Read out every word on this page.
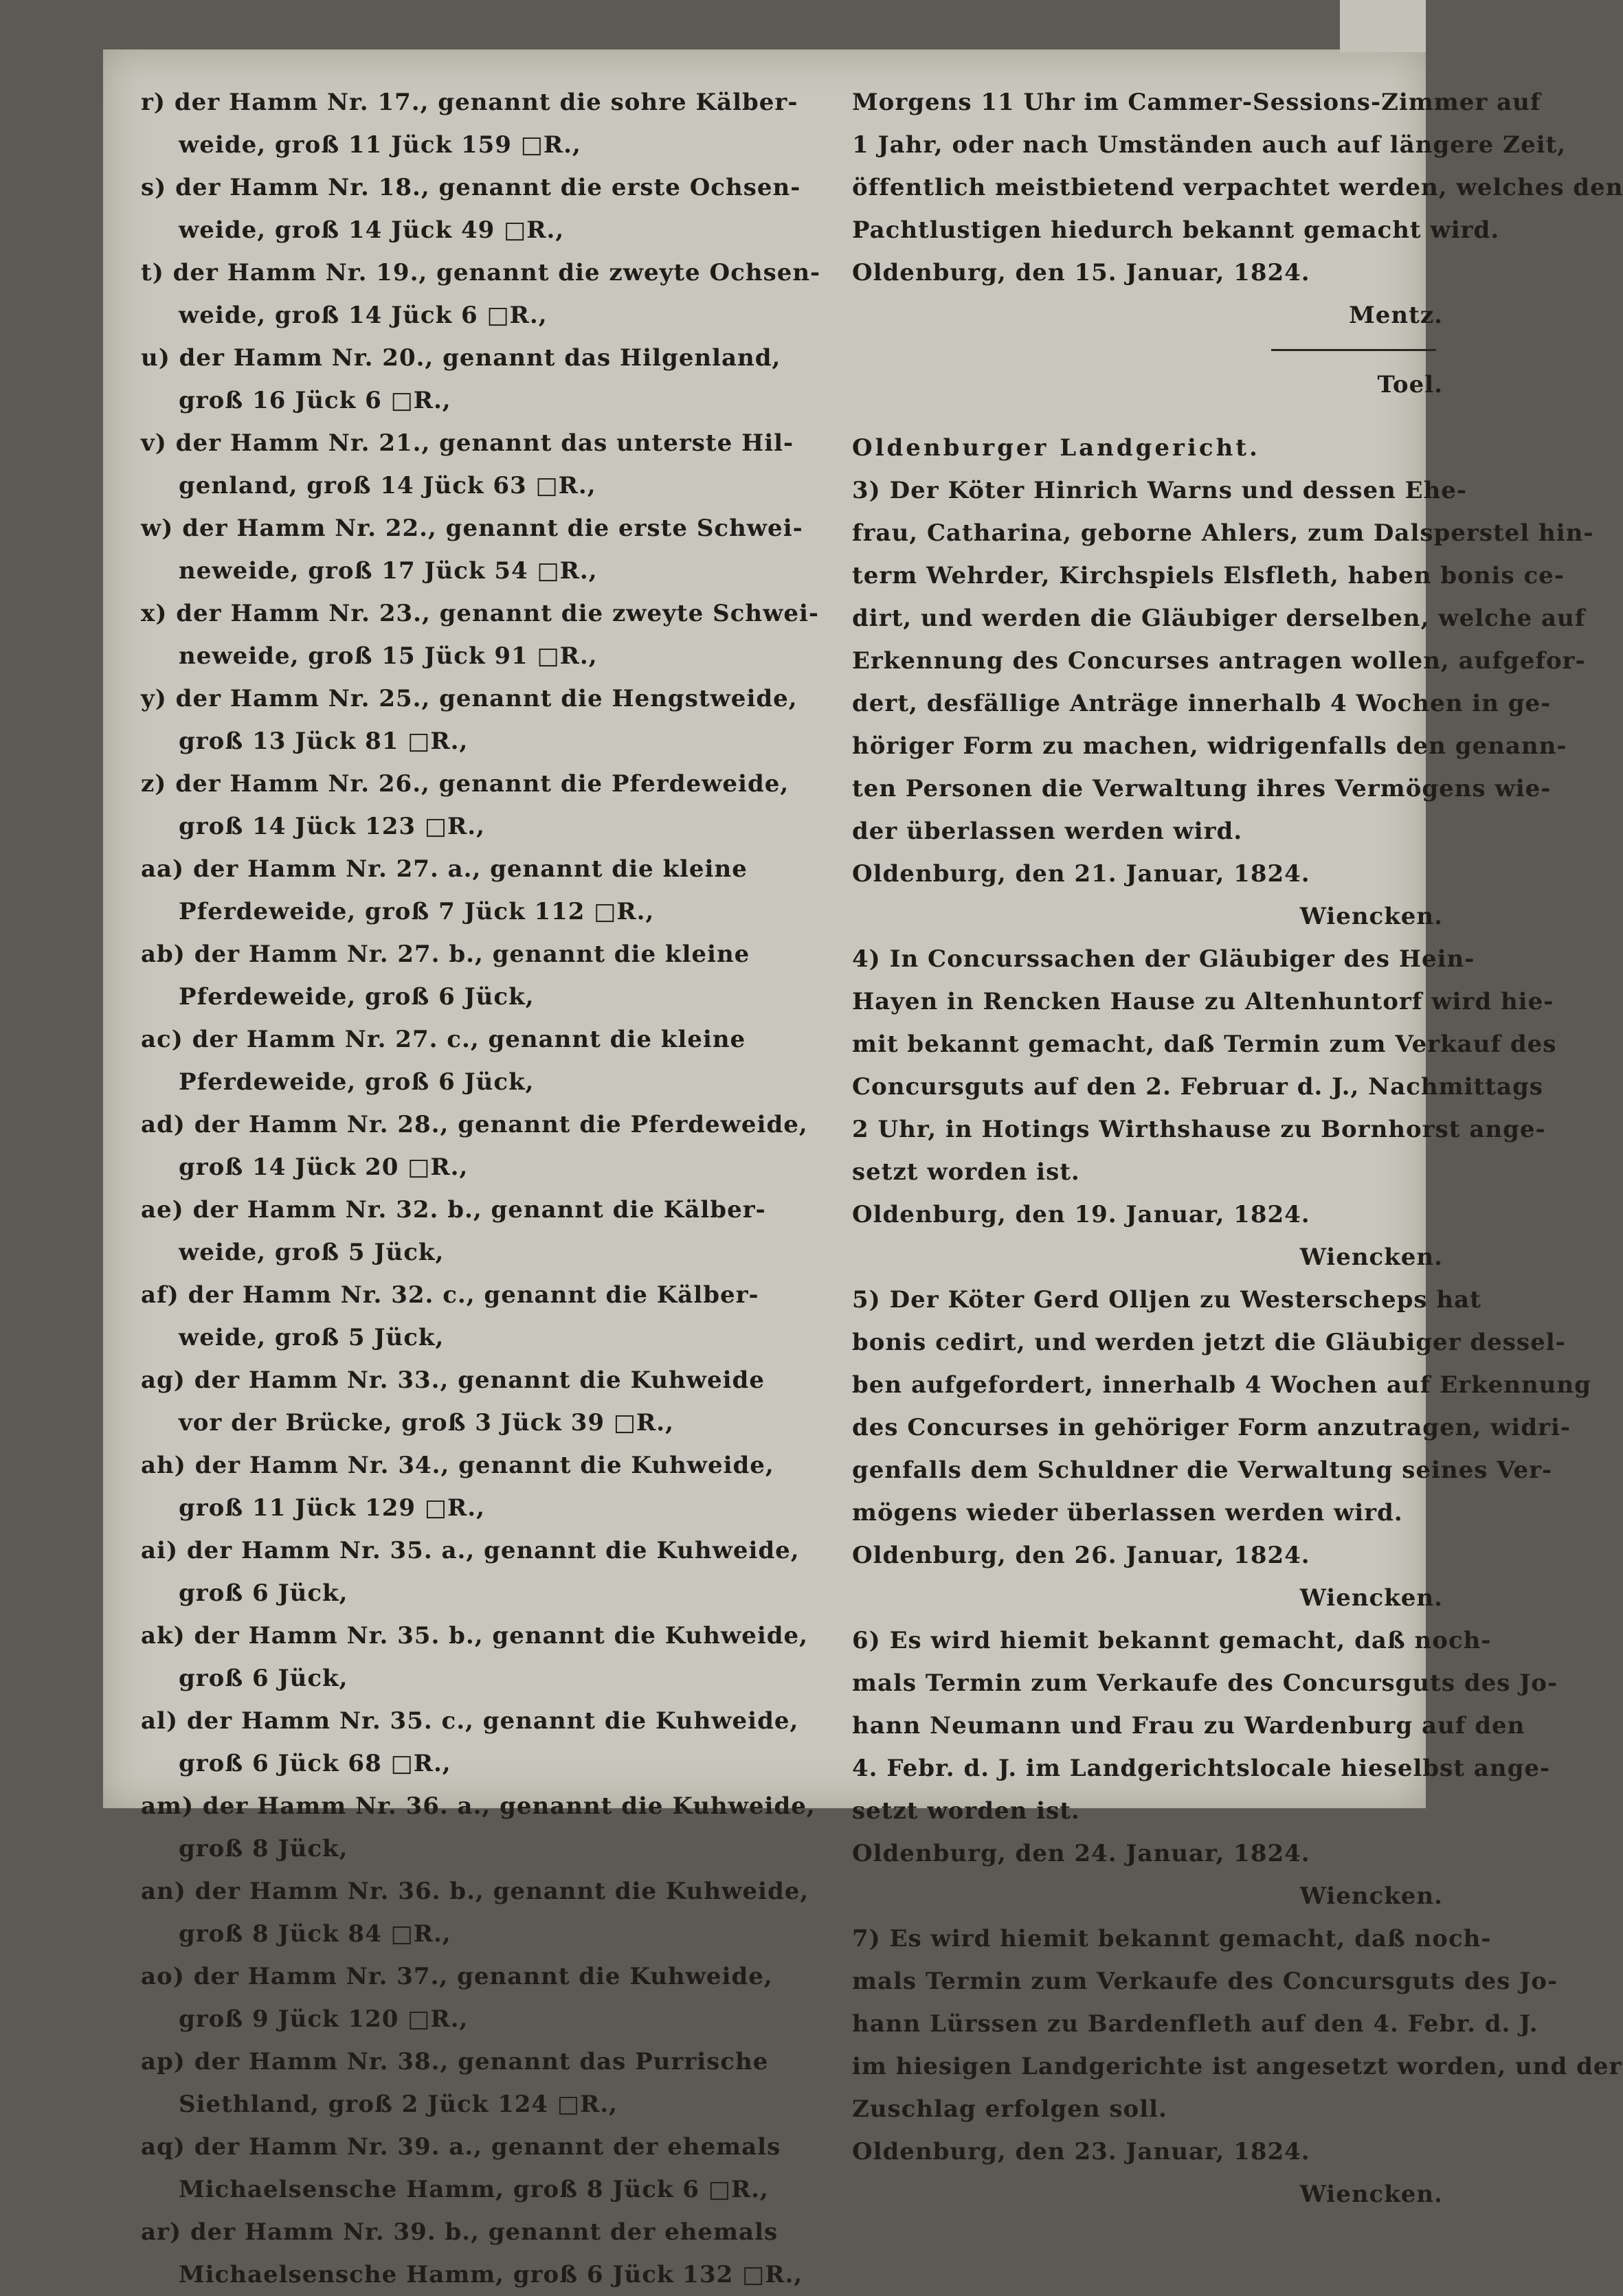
r) der Hamm Nr. 17., genannt die sohre Kälber-
weide, groß 11 Jück 159 □R.,
s) der Hamm Nr. 18., genannt die erste Ochsen-
weide, groß 14 Jück 49 □R.,
t) der Hamm Nr. 19., genannt die zweyte Ochsen-
weide, groß 14 Jück 6 □R.,
u) der Hamm Nr. 20., genannt das Hilgenland,
groß 16 Jück 6 □R.,
v) der Hamm Nr. 21., genannt das unterste Hil-
genland, groß 14 Jück 63 □R.,
w) der Hamm Nr. 22., genannt die erste Schwei-
neweide, groß 17 Jück 54 □R.,
x) der Hamm Nr. 23., genannt die zweyte Schwei-
neweide, groß 15 Jück 91 □R.,
y) der Hamm Nr. 25., genannt die Hengstweide,
groß 13 Jück 81 □R.,
z) der Hamm Nr. 26., genannt die Pferdeweide,
groß 14 Jück 123 □R.,
aa) der Hamm Nr. 27. a., genannt die kleine
Pferdeweide, groß 7 Jück 112 □R.,
ab) der Hamm Nr. 27. b., genannt die kleine
Pferdeweide, groß 6 Jück,
ac) der Hamm Nr. 27. c., genannt die kleine
Pferdeweide, groß 6 Jück,
ad) der Hamm Nr. 28., genannt die Pferdeweide,
groß 14 Jück 20 □R.,
ae) der Hamm Nr. 32. b., genannt die Kälber-
weide, groß 5 Jück,
af) der Hamm Nr. 32. c., genannt die Kälber-
weide, groß 5 Jück,
ag) der Hamm Nr. 33., genannt die Kuhweide
vor der Brücke, groß 3 Jück 39 □R.,
ah) der Hamm Nr. 34., genannt die Kuhweide,
groß 11 Jück 129 □R.,
ai) der Hamm Nr. 35. a., genannt die Kuhweide,
groß 6 Jück,
ak) der Hamm Nr. 35. b., genannt die Kuhweide,
groß 6 Jück,
al) der Hamm Nr. 35. c., genannt die Kuhweide,
groß 6 Jück 68 □R.,
am) der Hamm Nr. 36. a., genannt die Kuhweide,
groß 8 Jück,
an) der Hamm Nr. 36. b., genannt die Kuhweide,
groß 8 Jück 84 □R.,
ao) der Hamm Nr. 37., genannt die Kuhweide,
groß 9 Jück 120 □R.,
ap) der Hamm Nr. 38., genannt das Purrische
Siethland, groß 2 Jück 124 □R.,
aq) der Hamm Nr. 39. a., genannt der ehemals
Michaelsensche Hamm, groß 8 Jück 6 □R.,
ar) der Hamm Nr. 39. b., genannt der ehemals
Michaelsensche Hamm, groß 6 Jück 132 □R.,
Morgens 11 Uhr im Cammer-Sessions-Zimmer auf
1 Jahr, oder nach Umständen auch auf längere Zeit,
öffentlich meistbietend verpachtet werden, welches den
Pachtlustigen hiedurch bekannt gemacht wird.
Oldenburg, den 15. Januar, 1824.
Mentz.
Toel.
Oldenburger Landgericht.
3) Der Köter Hinrich Warns und dessen Ehe-
frau, Catharina, geborne Ahlers, zum Dalsperstel hin-
term Wehrder, Kirchspiels Elsfleth, haben bonis ce-
dirt, und werden die Gläubiger derselben, welche auf
Erkennung des Concurses antragen wollen, aufgefor-
dert, desfällige Anträge innerhalb 4 Wochen in ge-
höriger Form zu machen, widrigenfalls den genann-
ten Personen die Verwaltung ihres Vermögens wie-
der überlassen werden wird.
Oldenburg, den 21. Januar, 1824.
Wiencken.
4) In Concurssachen der Gläubiger des Hein-
Hayen in Rencken Hause zu Altenhuntorf wird hie-
mit bekannt gemacht, daß Termin zum Verkauf des
Concursguts auf den 2. Februar d. J., Nachmittags
2 Uhr, in Hotings Wirthshause zu Bornhorst ange-
setzt worden ist.
Oldenburg, den 19. Januar, 1824.
Wiencken.
5) Der Köter Gerd Olljen zu Westerscheps hat
bonis cedirt, und werden jetzt die Gläubiger dessel-
ben aufgefordert, innerhalb 4 Wochen auf Erkennung
des Concurses in gehöriger Form anzutragen, widri-
genfalls dem Schuldner die Verwaltung seines Ver-
mögens wieder überlassen werden wird.
Oldenburg, den 26. Januar, 1824.
Wiencken.
6) Es wird hiemit bekannt gemacht, daß noch-
mals Termin zum Verkaufe des Concursguts des Jo-
hann Neumann und Frau zu Wardenburg auf den
4. Febr. d. J. im Landgerichtslocale hieselbst ange-
setzt worden ist.
Oldenburg, den 24. Januar, 1824.
Wiencken.
7) Es wird hiemit bekannt gemacht, daß noch-
mals Termin zum Verkaufe des Concursguts des Jo-
hann Lürssen zu Bardenfleth auf den 4. Febr. d. J.
im hiesigen Landgerichte ist angesetzt worden, und der
Zuschlag erfolgen soll.
Oldenburg, den 23. Januar, 1824.
Wiencken.
